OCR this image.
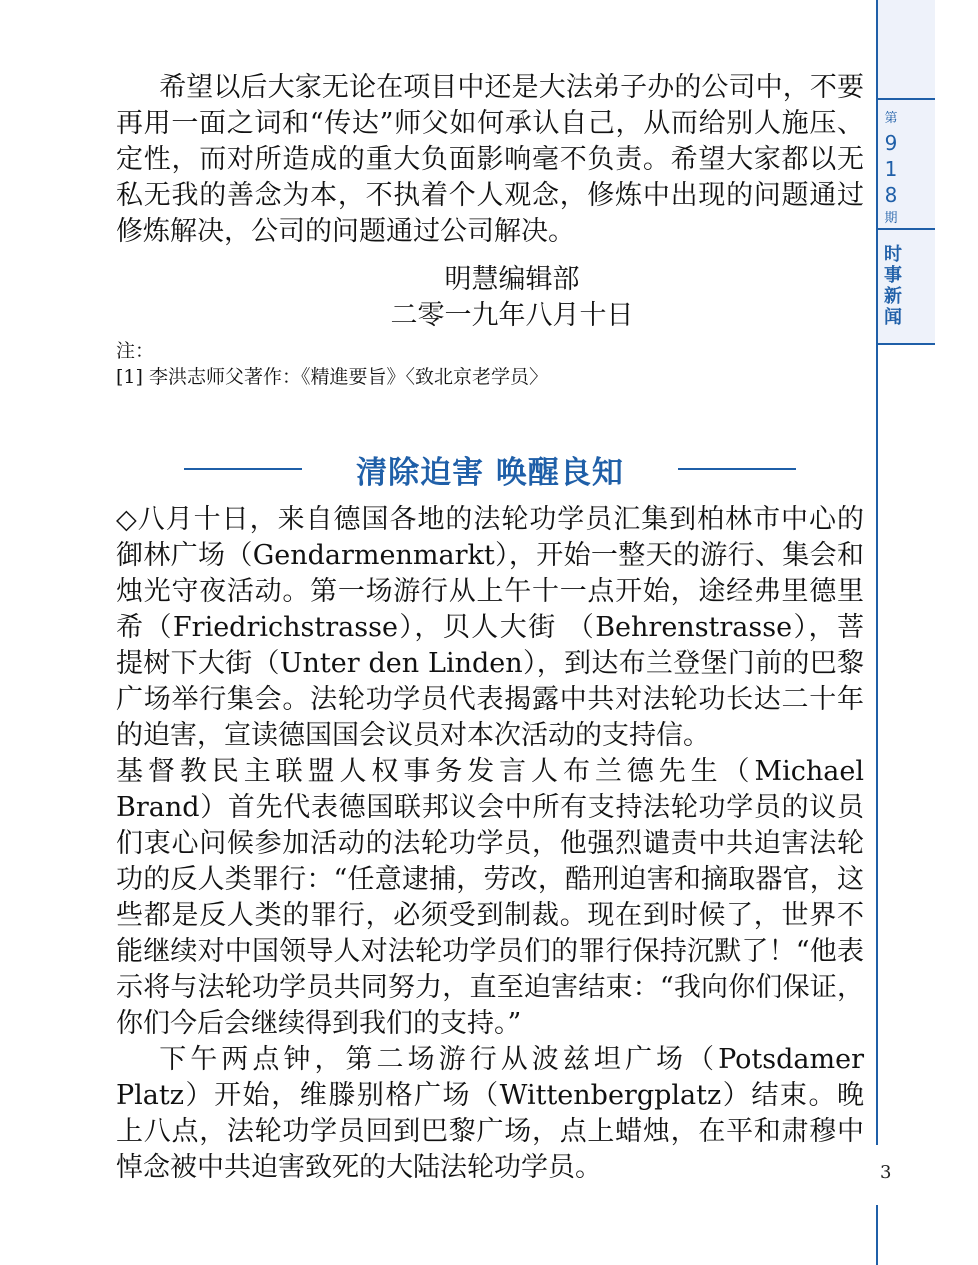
第
9
1
8
期
时
事
新
闻

希望以后大家无论在项目中还是大法弟子办的公司中，不要再用一面之词和“传达”师父如何承认自己，从而给别人施压、定性，而对所造成的重大负面影响毫不负责。希望大家都以无私无我的善念为本，不执着个人观念，修炼中出现的问题通过修炼解决，公司的问题通过公司解决。

明慧编辑部
二零一九年八月十日

注：

[1] 李洪志师父著作：《精進要旨》〈致北京老学员〉

清除迫害 唤醒良知

◇八月十日，来自德国各地的法轮功学员汇集到柏林市中心的御林广场（Gendarmenmarkt），开始一整天的游行、集会和烛光守夜活动。第一场游行从上午十一点开始，途经弗里德里希（Friedrichstrasse），贝人大街 （Behrenstrasse），菩提树下大街（Unter den Linden），到达布兰登堡门前的巴黎广场举行集会。法轮功学员代表揭露中共对法轮功长达二十年的迫害，宣读德国国会议员对本次活动的支持信。

基督教民主联盟人权事务发言人布兰德先生（Michael Brand）首先代表德国联邦议会中所有支持法轮功学员的议员们衷心问候参加活动的法轮功学员，他强烈谴责中共迫害法轮功的反人类罪行：“任意逮捕，劳改，酷刑迫害和摘取器官，这些都是反人类的罪行，必须受到制裁。现在到时候了，世界不能继续对中国领导人对法轮功学员们的罪行保持沉默了！“他表示将与法轮功学员共同努力，直至迫害结束：“我向你们保证，你们今后会继续得到我们的支持。”

下午两点钟，第二场游行从波兹坦广场（Potsdamer Platz）开始，维滕别格广场（Wittenbergplatz）结束。晚上八点，法轮功学员回到巴黎广场，点上蜡烛，在平和肃穆中悼念被中共迫害致死的大陆法轮功学员。	3
